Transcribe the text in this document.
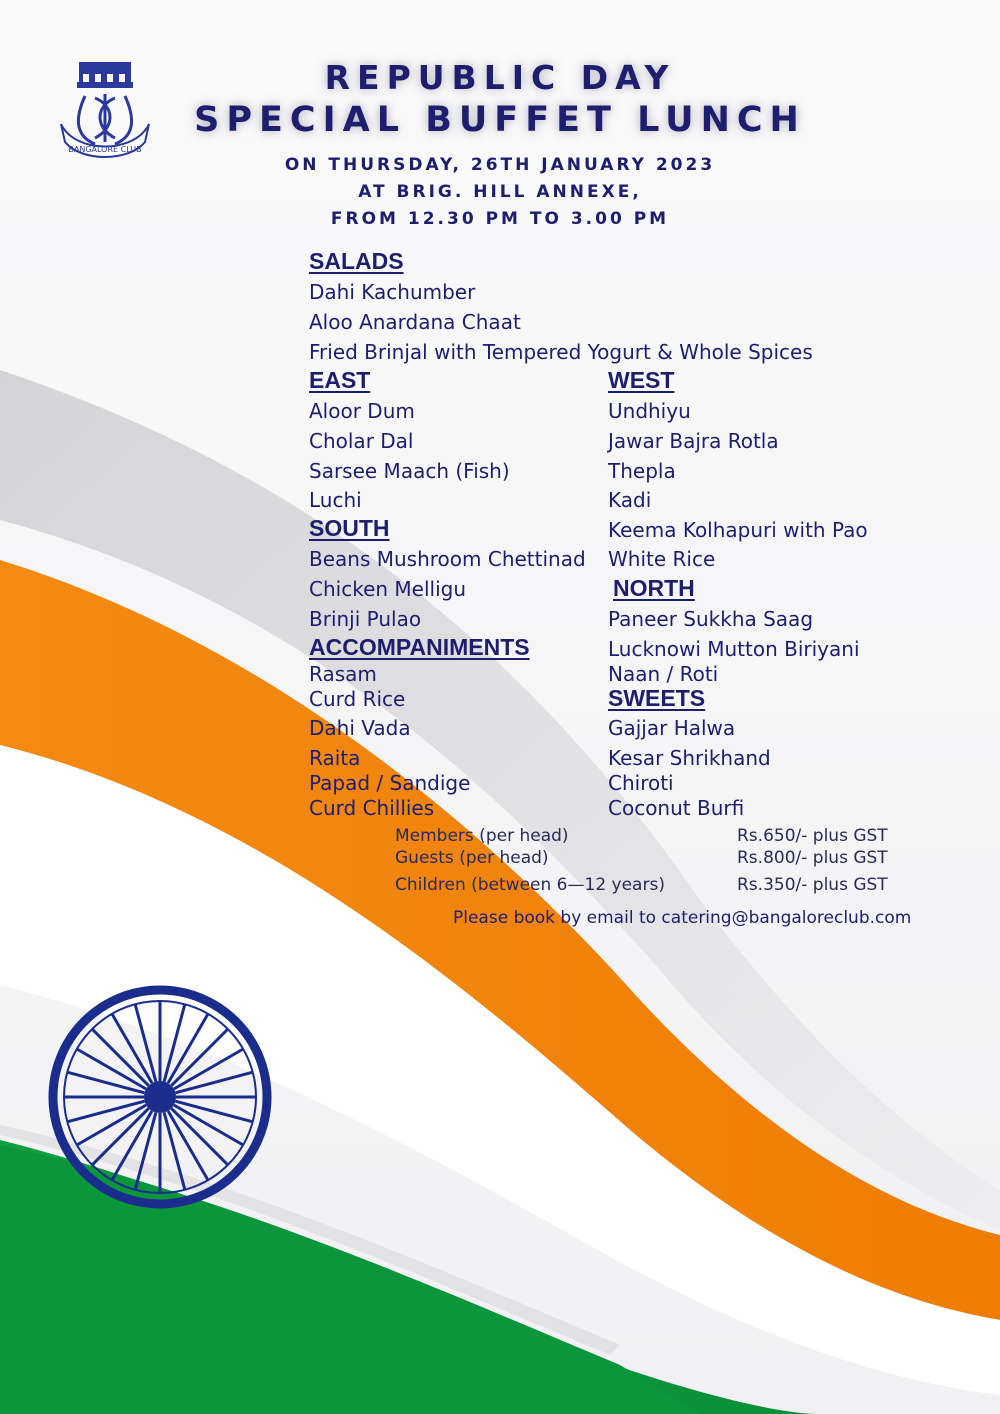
BANGALORE CLUB
REPUBLIC DAY
SPECIAL BUFFET LUNCH

ON THURSDAY, 26TH JANUARY 2023

AT BRIG. HILL ANNEXE,

FROM 12.30 PM TO 3.00 PM

SALADS

Dahi Kachumber

Aloo Anardana Chaat

Fried Brinjal with Tempered Yogurt & Whole Spices

EAST

Aloor Dum

Cholar Dal

Sarsee Maach (Fish)

Luchi

WEST

Undhiyu

Jawar Bajra Rotla

Thepla

Kadi

Keema Kolhapuri with Pao

White Rice

SOUTH

Beans Mushroom Chettinad

Chicken Melligu

Brinji Pulao

NORTH

Paneer Sukkha Saag

Lucknowi Mutton Biriyani

Naan / Roti

ACCOMPANIMENTS

Rasam

Curd Rice

Dahi Vada

Raita

Papad / Sandige

Curd Chillies

SWEETS

Gajjar Halwa

Kesar Shrikhand

Chiroti

Coconut Burfi

Members (per head)	Rs.650/- plus GST

Guests (per head)	Rs.800/- plus GST

Children (between 6—12 years)	Rs.350/- plus GST

Please book by email to catering@bangaloreclub.com
